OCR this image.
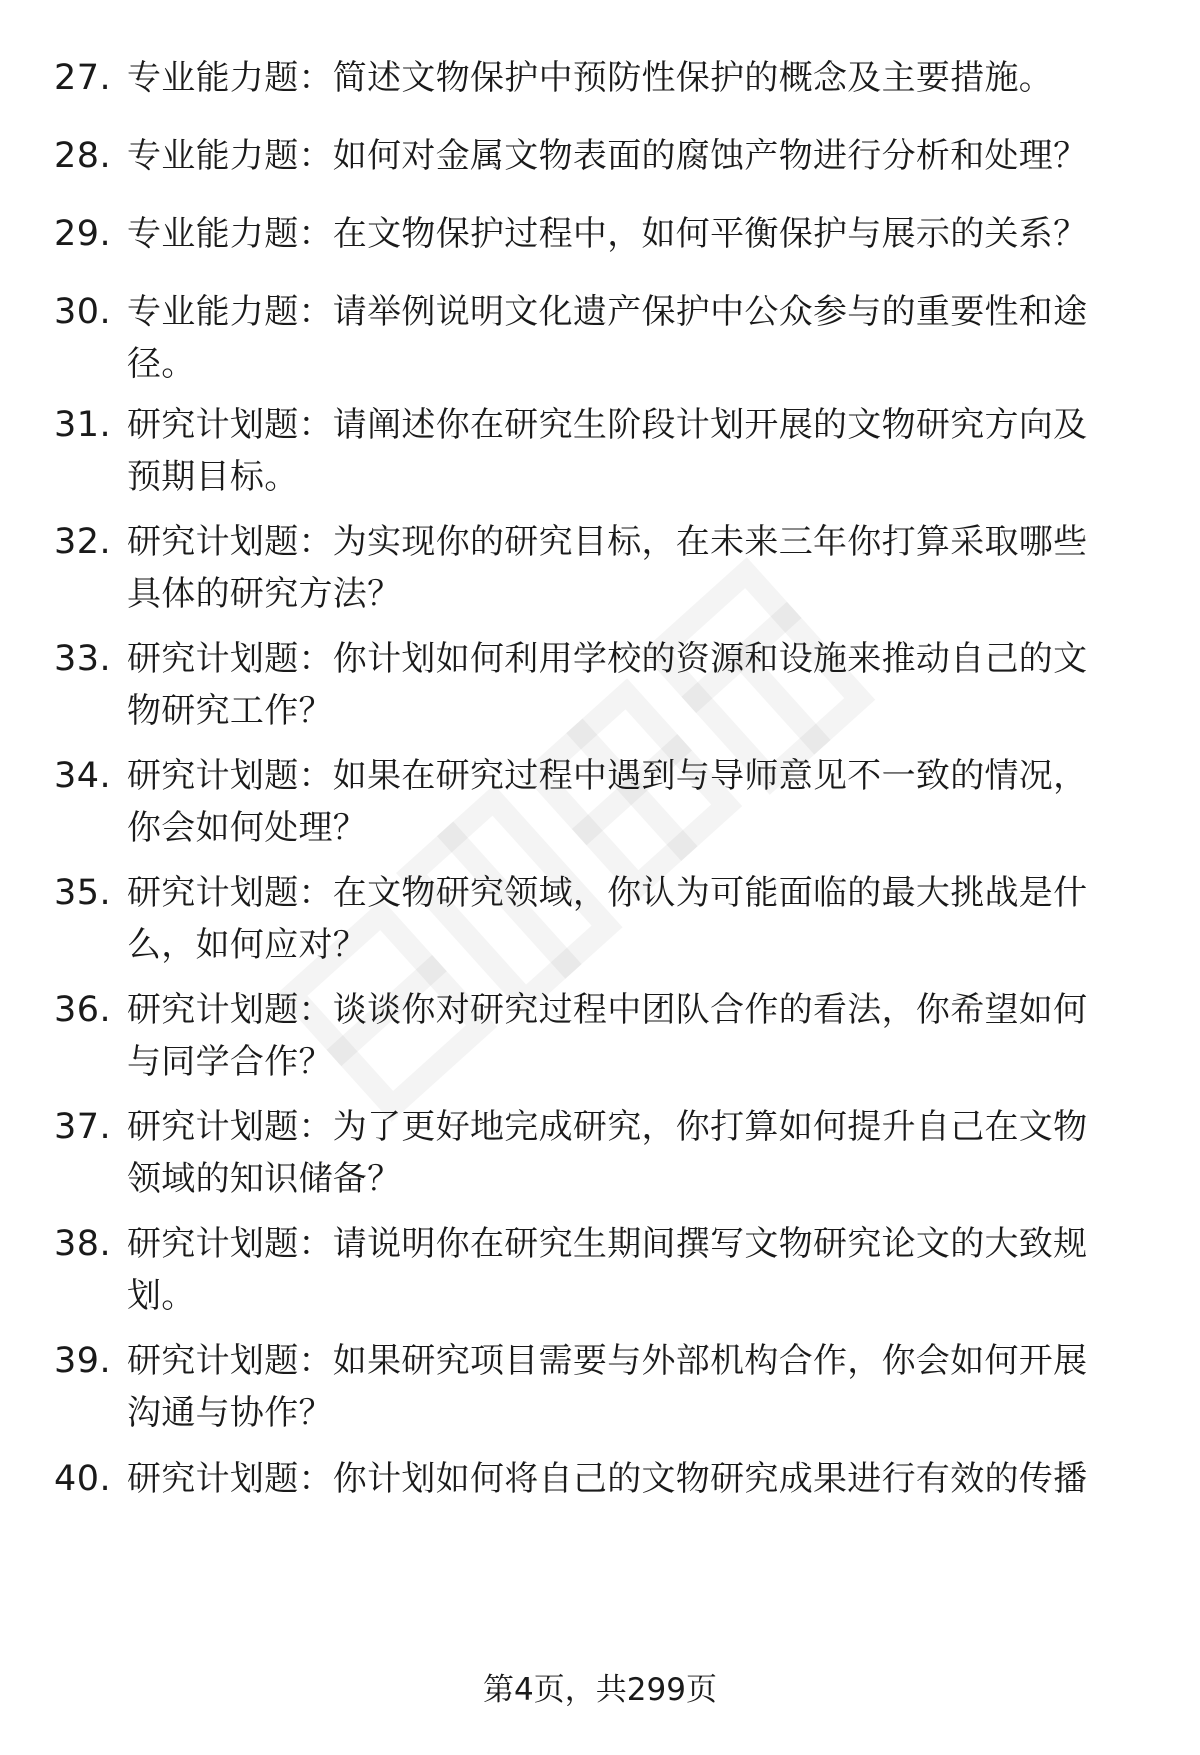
27. 专业能力题：简述文物保护中预防性保护的概念及主要措施。
28. 专业能力题：如何对金属文物表面的腐蚀产物进行分析和处理？
29. 专业能力题：在文物保护过程中，如何平衡保护与展示的关系？
30. 专业能力题：请举例说明文化遗产保护中公众参与的重要性和途
径。
31. 研究计划题：请阐述你在研究生阶段计划开展的文物研究方向及
预期目标。
32. 研究计划题：为实现你的研究目标，在未来三年你打算采取哪些
具体的研究方法？
33. 研究计划题：你计划如何利用学校的资源和设施来推动自己的文
物研究工作？
34. 研究计划题：如果在研究过程中遇到与导师意见不一致的情况，
你会如何处理？
35. 研究计划题：在文物研究领域，你认为可能面临的最大挑战是什
么，如何应对？
36. 研究计划题：谈谈你对研究过程中团队合作的看法，你希望如何
与同学合作？
37. 研究计划题：为了更好地完成研究，你打算如何提升自己在文物
领域的知识储备？
38. 研究计划题：请说明你在研究生期间撰写文物研究论文的大致规
划。
39. 研究计划题：如果研究项目需要与外部机构合作，你会如何开展
沟通与协作？
40. 研究计划题：你计划如何将自己的文物研究成果进行有效的传播
第4页，共299页
